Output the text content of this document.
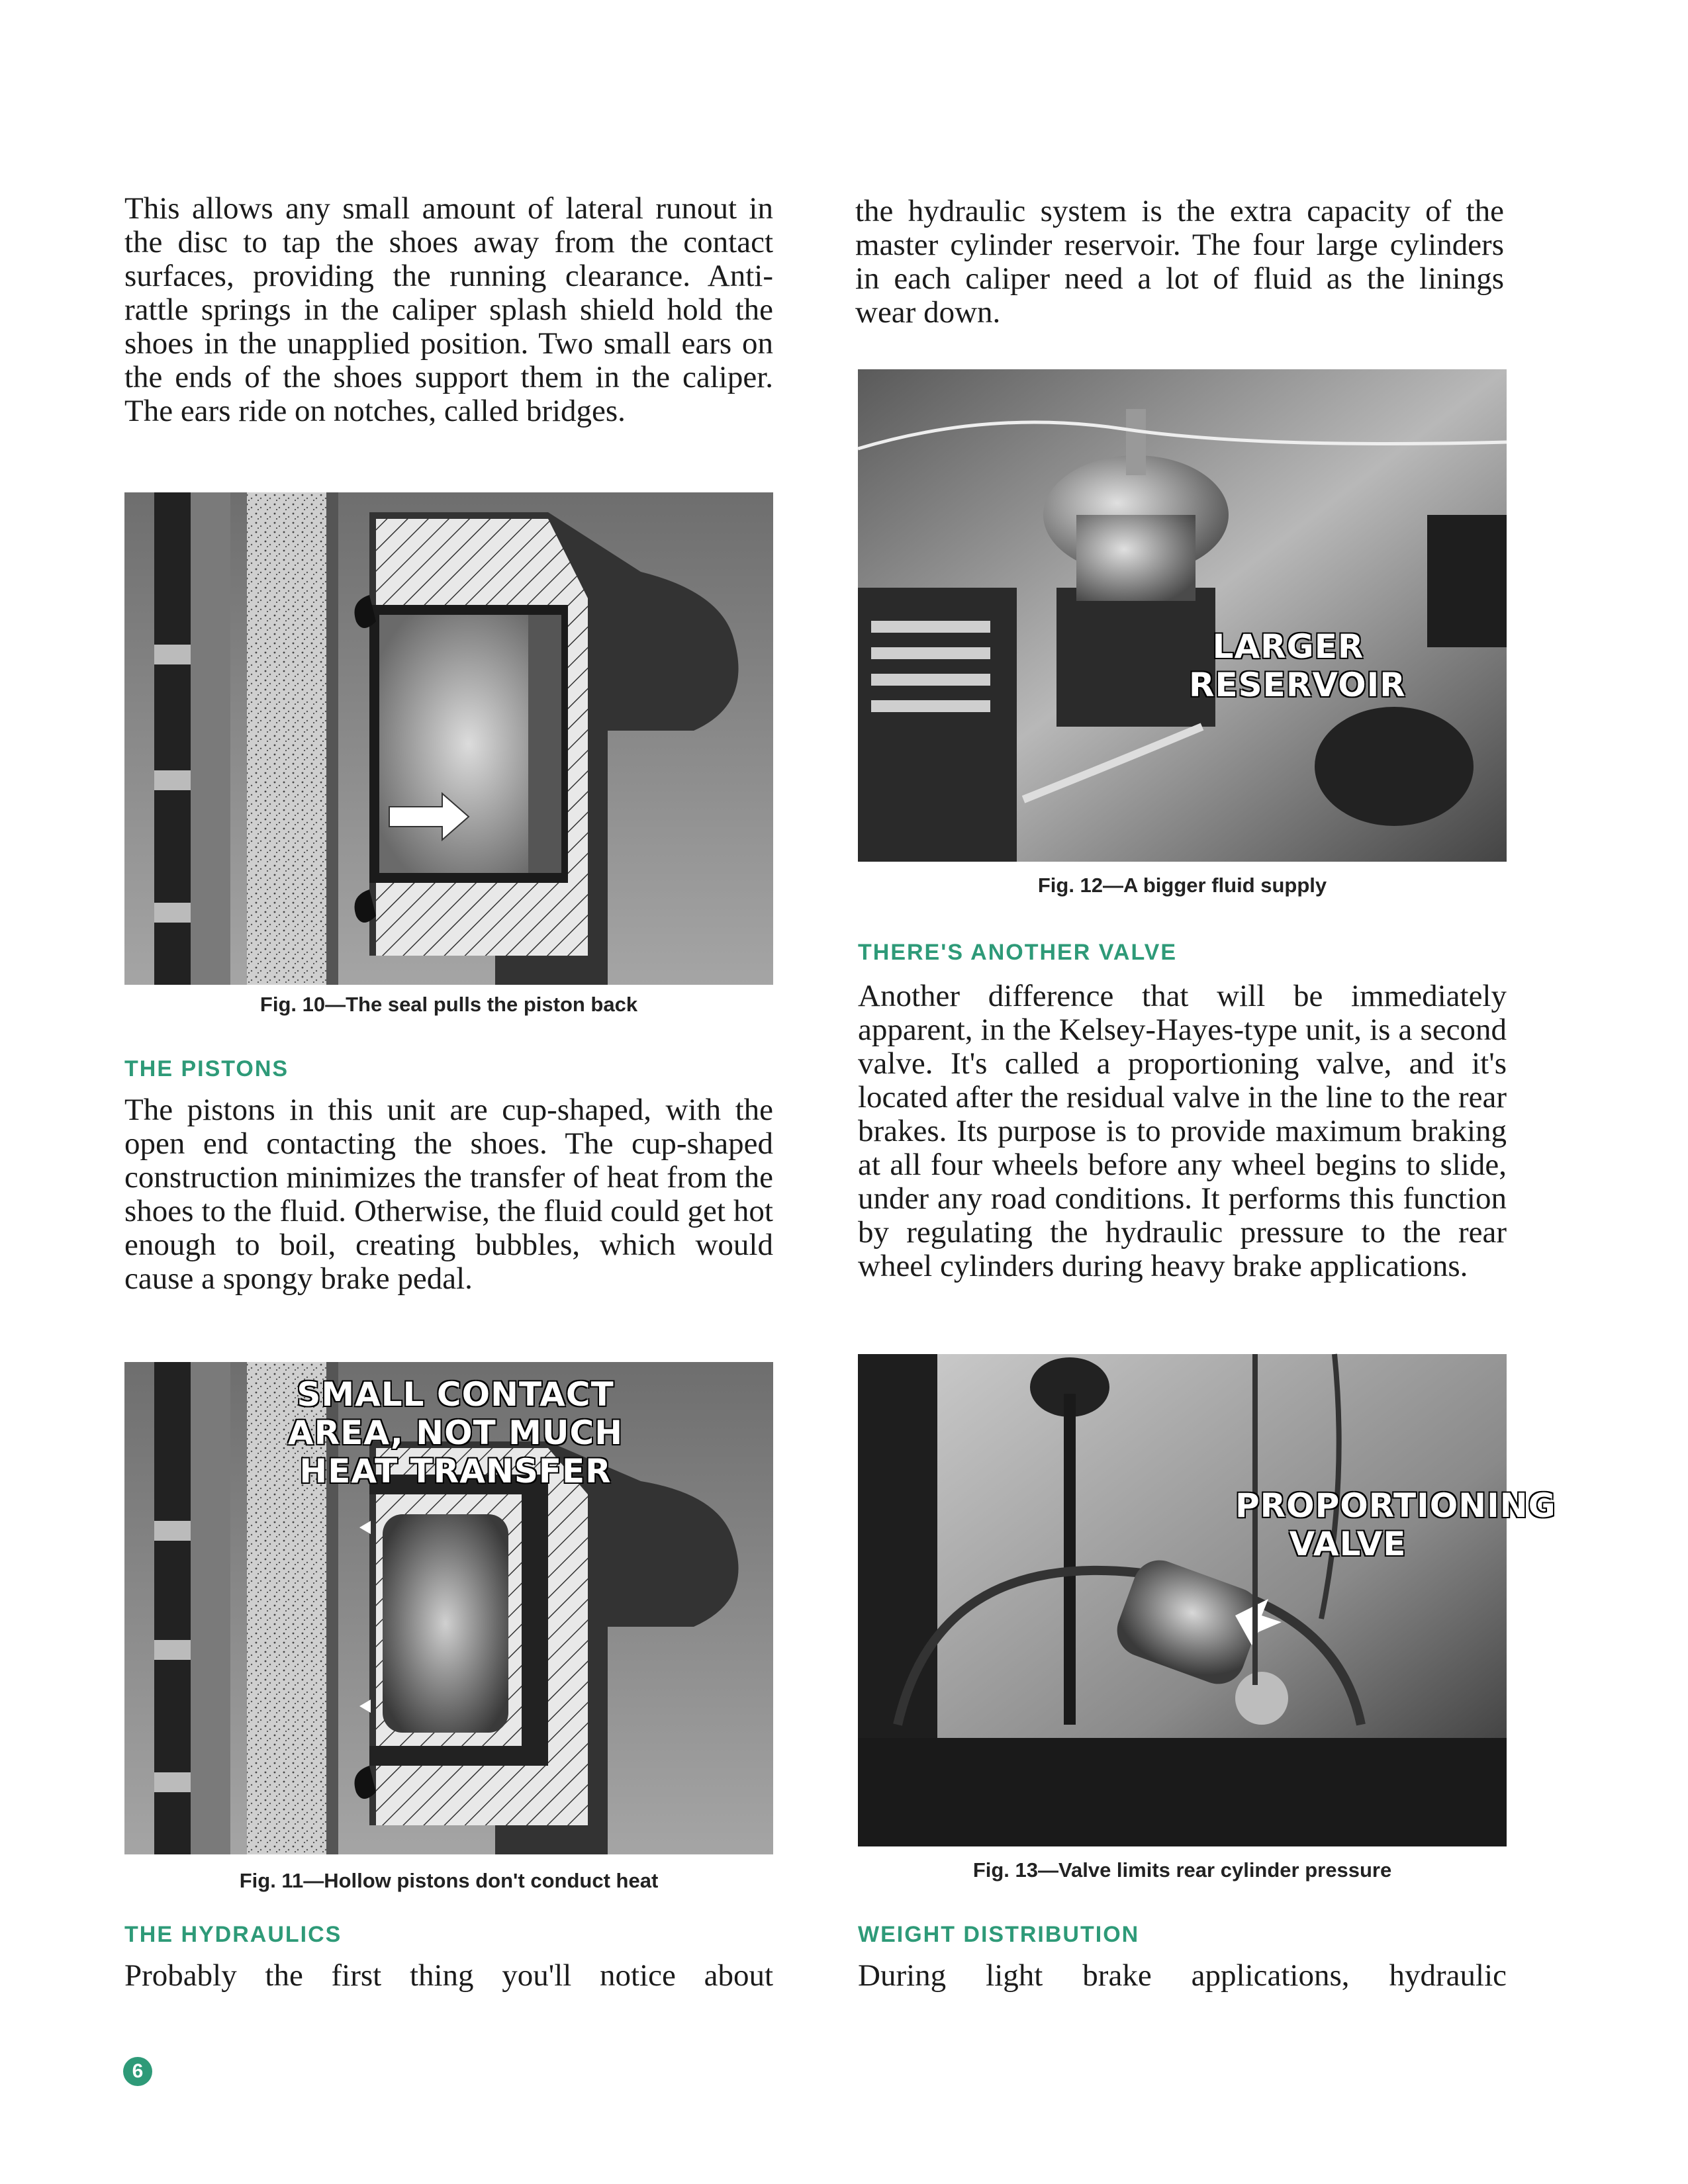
This allows any small amount of lateral runout in the disc to tap the shoes away from the contact surfaces, providing the running clearance. Anti-rattle springs in the caliper splash shield hold the shoes in the unapplied position. Two small ears on the ends of the shoes support them in the caliper. The ears ride on notches, called bridges.

Fig. 10—The seal pulls the piston back

THE PISTONS

The pistons in this unit are cup-shaped, with the open end contacting the shoes. The cup-shaped construction minimizes the transfer of heat from the shoes to the fluid. Otherwise, the fluid could get hot enough to boil, creating bubbles, which would cause a spongy brake pedal.

SMALL CONTACT AREA, NOT MUCH HEAT TRANSFER

Fig. 11—Hollow pistons don't conduct heat

THE HYDRAULICS

Probably the first thing you'll notice about

the hydraulic system is the extra capacity of the master cylinder reservoir. The four large cylinders in each caliper need a lot of fluid as the linings wear down.

LARGER RESERVOIR

Fig. 12—A bigger fluid supply

THERE'S ANOTHER VALVE

Another difference that will be immediately apparent, in the Kelsey-Hayes-type unit, is a second valve. It's called a proportioning valve, and it's located after the residual valve in the line to the rear brakes. Its purpose is to provide maximum braking at all four wheels before any wheel begins to slide, under any road conditions. It performs this function by regulating the hydraulic pressure to the rear wheel cylinders during heavy brake applications.

PROPORTIONING VALVE

Fig. 13—Valve limits rear cylinder pressure

WEIGHT DISTRIBUTION

During light brake applications, hydraulic

6
